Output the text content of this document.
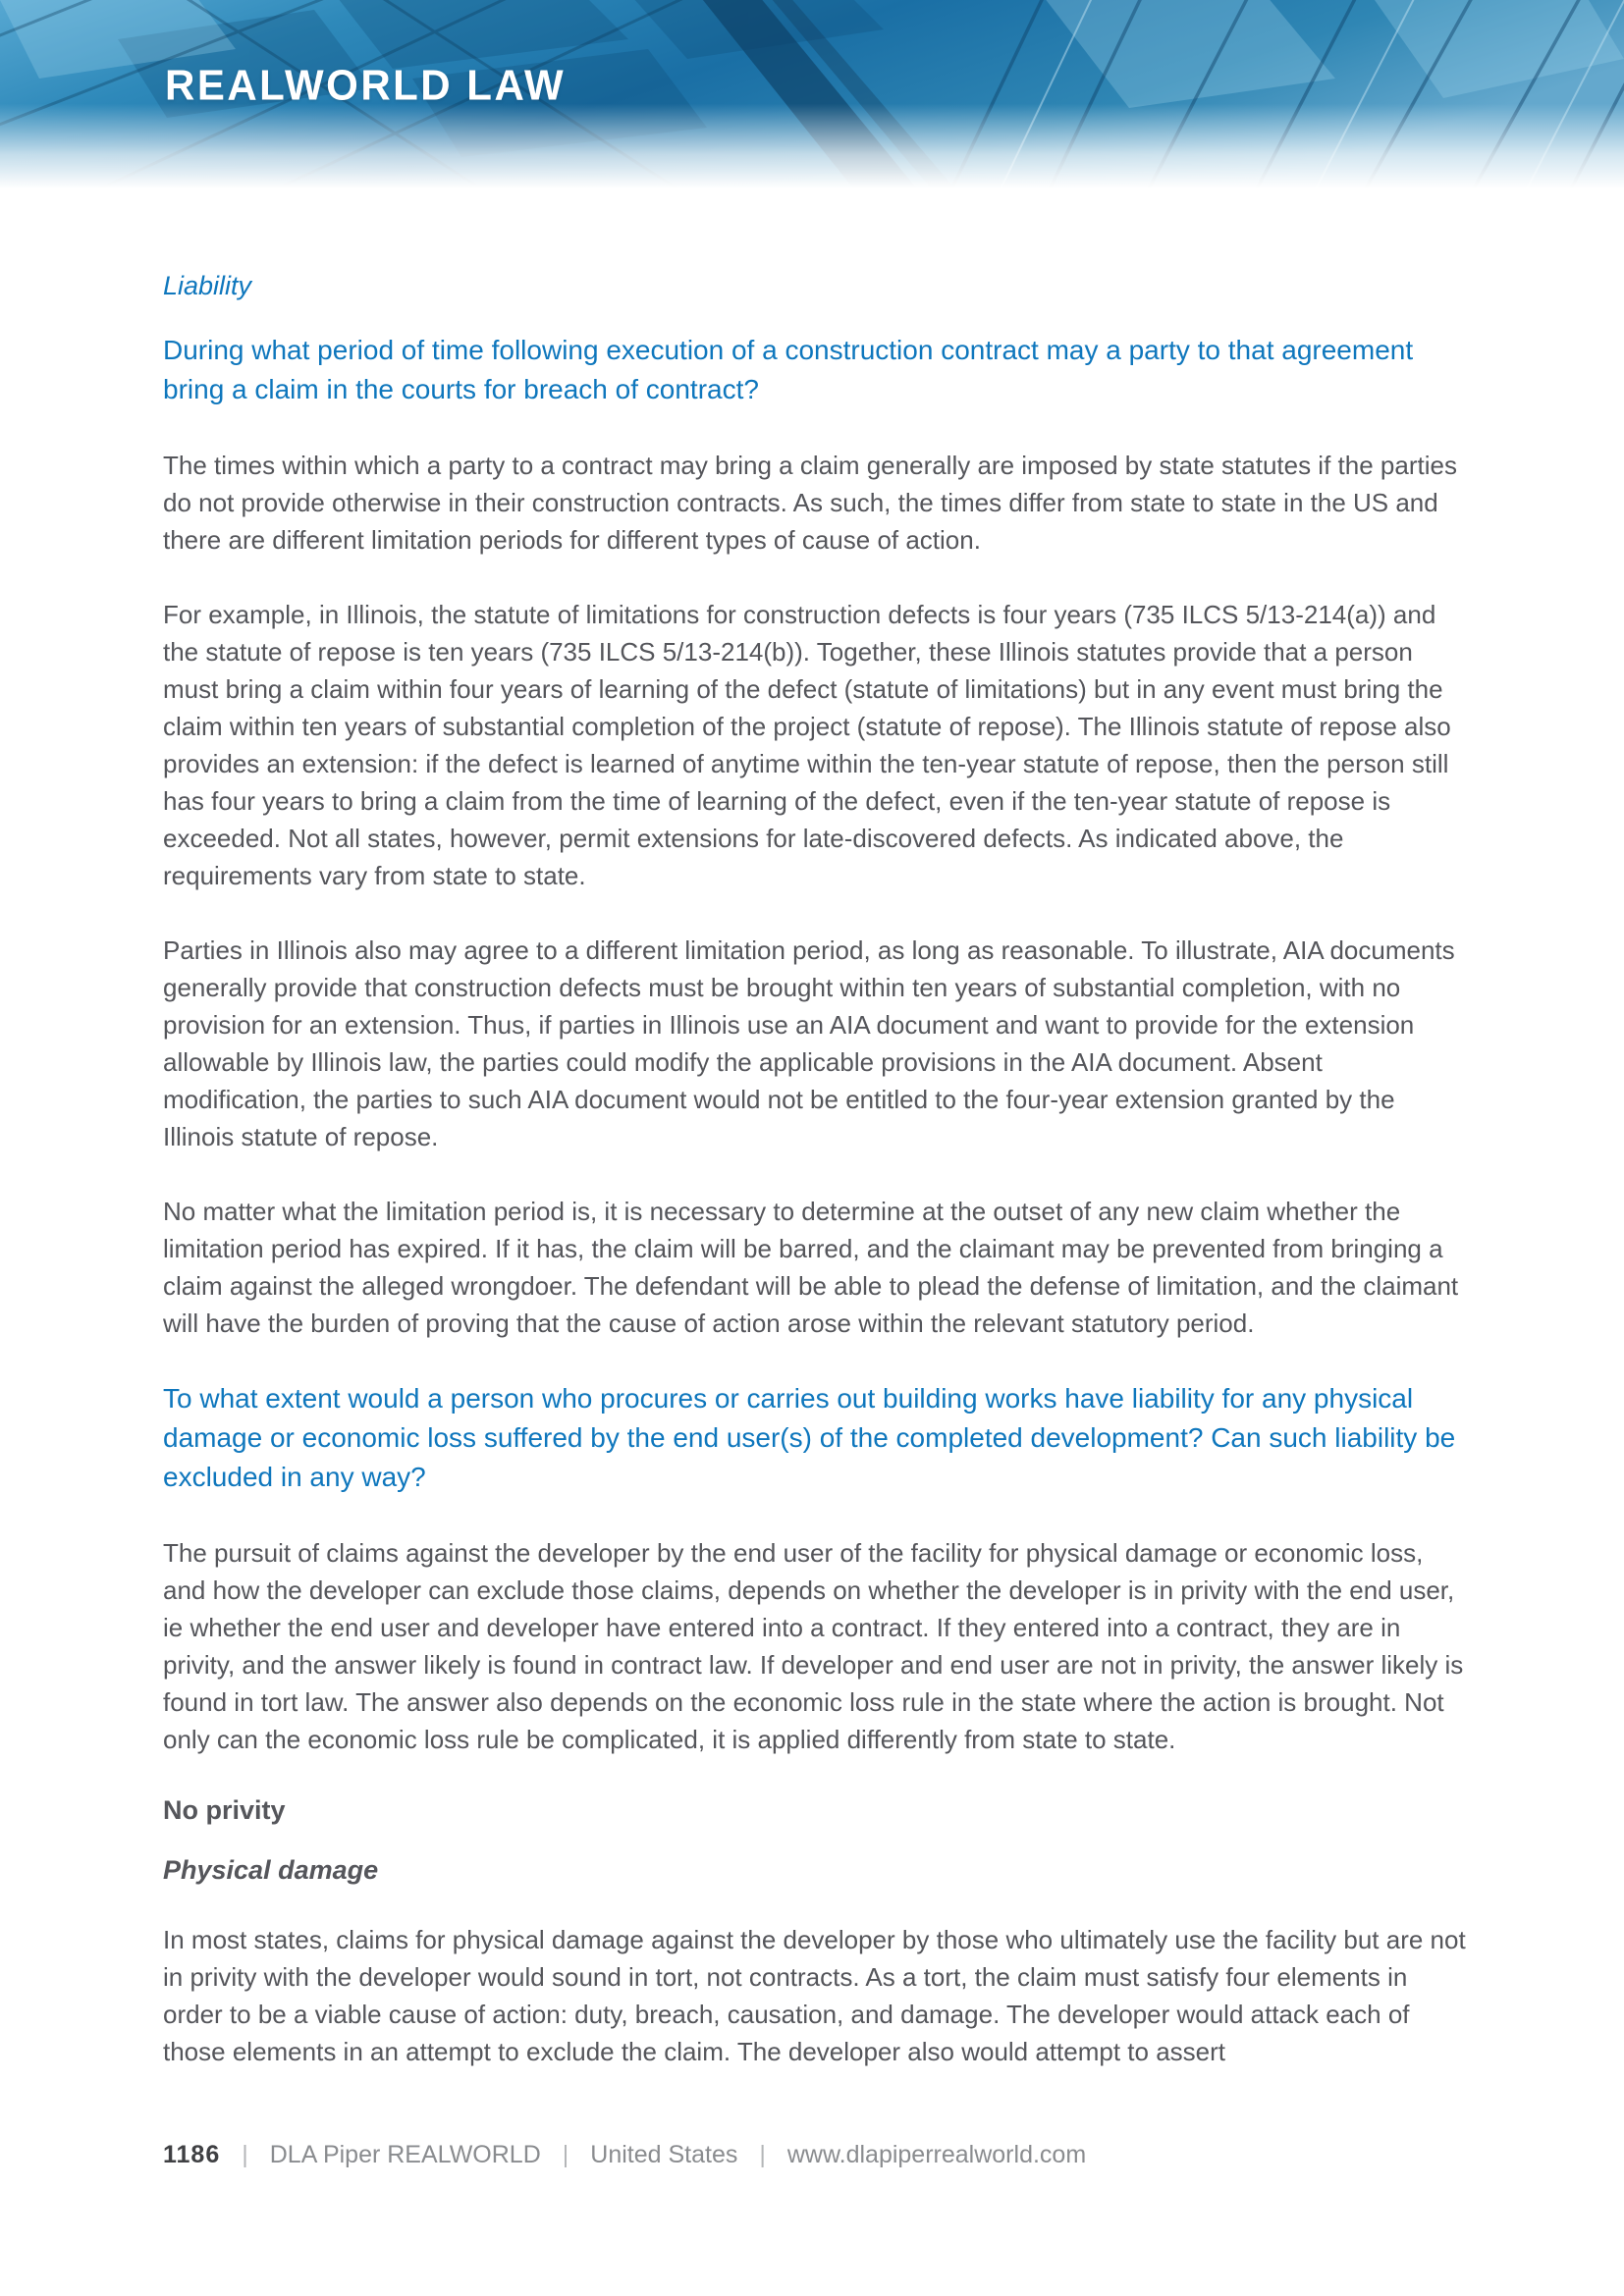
REALWORLD LAW

Liability

During what period of time following execution of a construction contract may a party to that agreement bring a claim in the courts for breach of contract?

The times within which a party to a contract may bring a claim generally are imposed by state statutes if the parties do not provide otherwise in their construction contracts. As such, the times differ from state to state in the US and there are different limitation periods for different types of cause of action.

For example, in Illinois, the statute of limitations for construction defects is four years (735 ILCS 5/13-214(a)) and the statute of repose is ten years (735 ILCS 5/13-214(b)). Together, these Illinois statutes provide that a person must bring a claim within four years of learning of the defect (statute of limitations) but in any event must bring the claim within ten years of substantial completion of the project (statute of repose). The Illinois statute of repose also provides an extension: if the defect is learned of anytime within the ten-year statute of repose, then the person still has four years to bring a claim from the time of learning of the defect, even if the ten-year statute of repose is exceeded. Not all states, however, permit extensions for late-discovered defects. As indicated above, the requirements vary from state to state.

Parties in Illinois also may agree to a different limitation period, as long as reasonable. To illustrate, AIA documents generally provide that construction defects must be brought within ten years of substantial completion, with no provision for an extension. Thus, if parties in Illinois use an AIA document and want to provide for the extension allowable by Illinois law, the parties could modify the applicable provisions in the AIA document. Absent modification, the parties to such AIA document would not be entitled to the four-year extension granted by the Illinois statute of repose.

No matter what the limitation period is, it is necessary to determine at the outset of any new claim whether the limitation period has expired. If it has, the claim will be barred, and the claimant may be prevented from bringing a claim against the alleged wrongdoer. The defendant will be able to plead the defense of limitation, and the claimant will have the burden of proving that the cause of action arose within the relevant statutory period.

To what extent would a person who procures or carries out building works have liability for any physical damage or economic loss suffered by the end user(s) of the completed development? Can such liability be excluded in any way?

The pursuit of claims against the developer by the end user of the facility for physical damage or economic loss, and how the developer can exclude those claims, depends on whether the developer is in privity with the end user, ie whether the end user and developer have entered into a contract. If they entered into a contract, they are in privity, and the answer likely is found in contract law. If developer and end user are not in privity, the answer likely is found in tort law. The answer also depends on the economic loss rule in the state where the action is brought. Not only can the economic loss rule be complicated, it is applied differently from state to state.

No privity
Physical damage

In most states, claims for physical damage against the developer by those who ultimately use the facility but are not in privity with the developer would sound in tort, not contracts. As a tort, the claim must satisfy four elements in order to be a viable cause of action: duty, breach, causation, and damage. The developer would attack each of those elements in an attempt to exclude the claim. The developer also would attempt to assert

1186 | DLA Piper REALWORLD | United States | www.dlapiperrealworld.com
